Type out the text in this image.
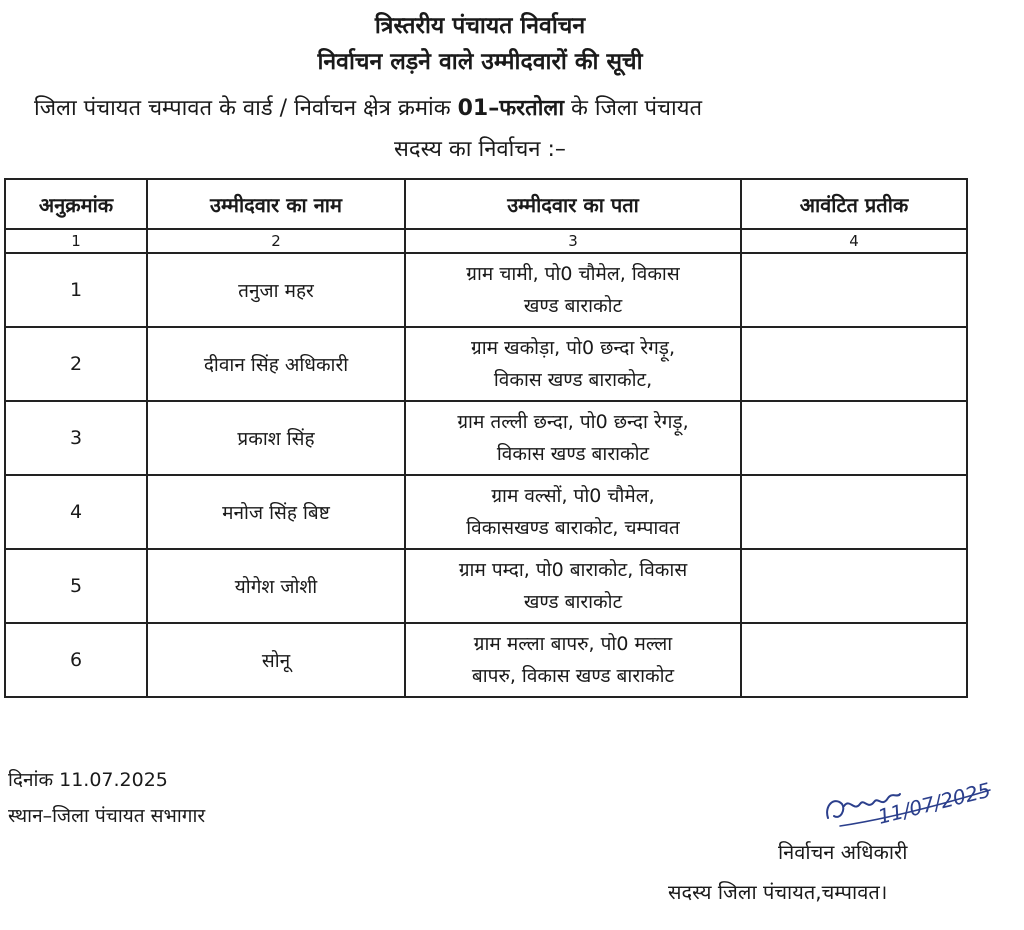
त्रिस्तरीय पंचायत निर्वाचन
निर्वाचन लड़ने वाले उम्मीदवारों की सूची
जिला पंचायत चम्पावत के वार्ड / निर्वाचन क्षेत्र क्रमांक 01–फरतोला के जिला पंचायत
सदस्य का निर्वाचन :–
अनुक्रमांक	उम्मीदवार का नाम	उम्मीदवार का पता	आवंटित प्रतीक
1	2	3	4
1	तनुजा महर	ग्राम चामी, पो0 चौमेल, विकास
खण्ड बाराकोट	
2	दीवान सिंह अधिकारी	ग्राम खकोड़ा, पो0 छन्दा रेगड़ू,
विकास खण्ड बाराकोट,	
3	प्रकाश सिंह	ग्राम तल्ली छन्दा, पो0 छन्दा रेगड़ू,
विकास खण्ड बाराकोट	
4	मनोज सिंह बिष्ट	ग्राम वल्सों, पो0 चौमेल,
विकासखण्ड बाराकोट, चम्पावत	
5	योगेश जोशी	ग्राम पम्दा, पो0 बाराकोट, विकास
खण्ड बाराकोट	
6	सोनू	ग्राम मल्ला बापरु, पो0 मल्ला
बापरु, विकास खण्ड बाराकोट	
दिनांक 11.07.2025
स्थान–जिला पंचायत सभागार	11/07/2025
निर्वाचन अधिकारी
सदस्य जिला पंचायत,चम्पावत।
